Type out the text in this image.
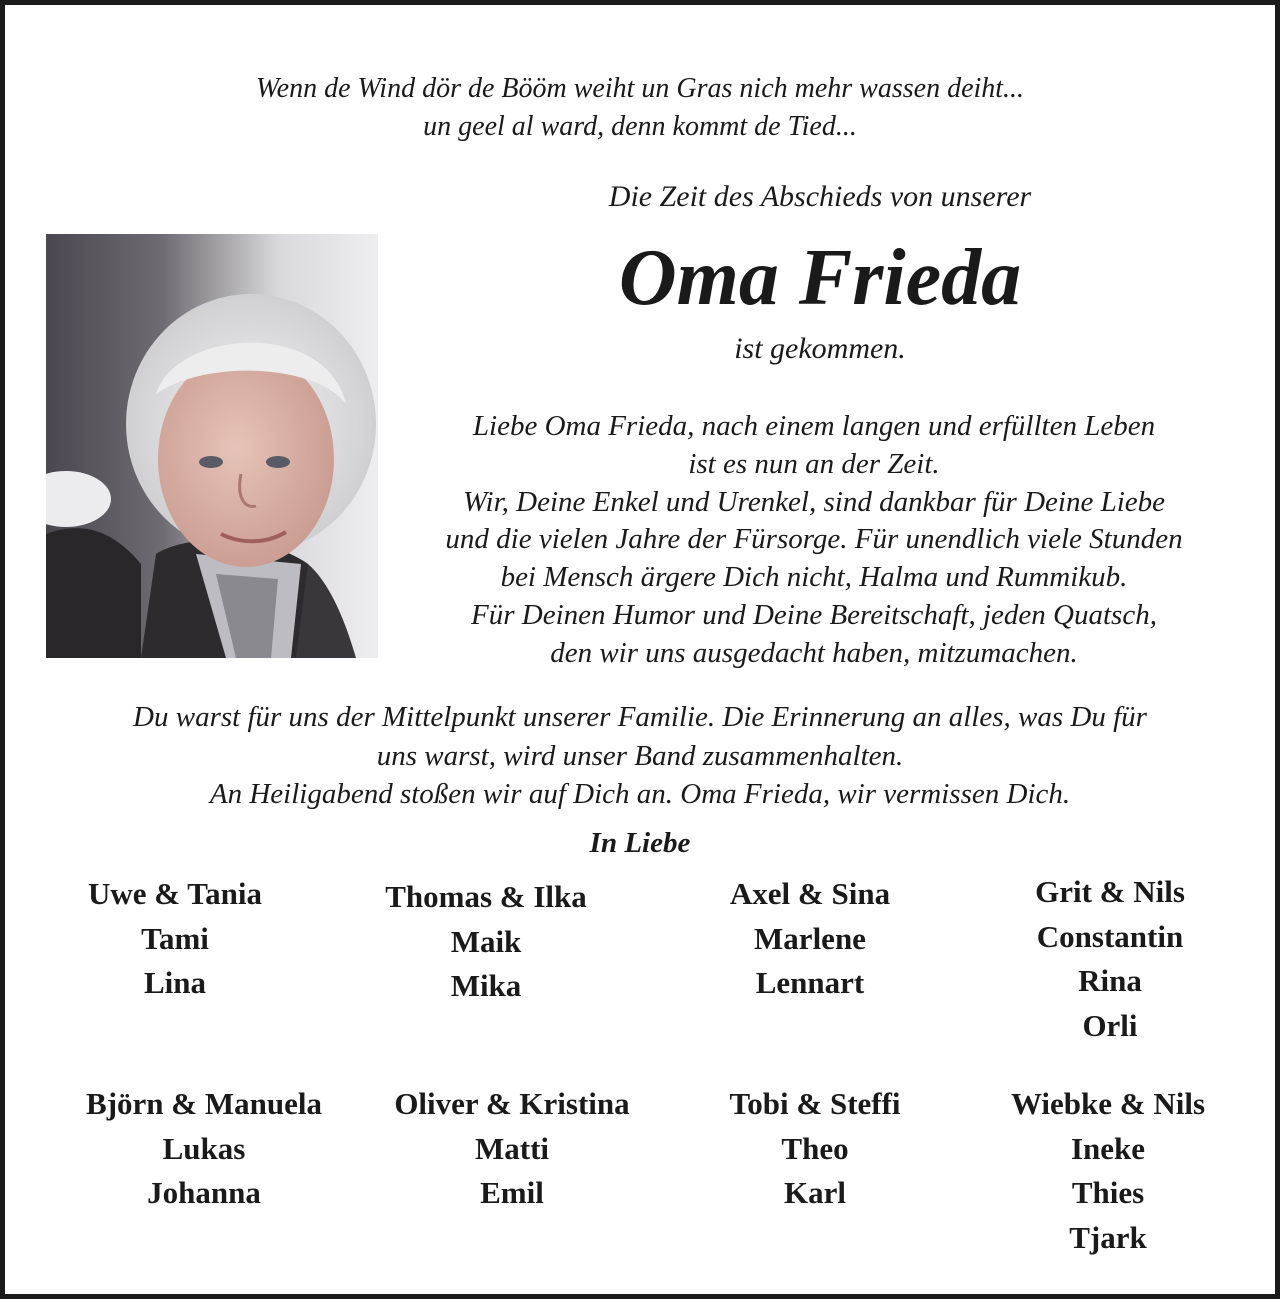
Wenn de Wind dör de Bööm weiht un Gras nich mehr wassen deiht...
un geel al ward, denn kommt de Tied...
Die Zeit des Abschieds von unserer
Oma Frieda
ist gekommen.
Liebe Oma Frieda, nach einem langen und erfüllten Leben
ist es nun an der Zeit.
Wir, Deine Enkel und Urenkel, sind dankbar für Deine Liebe
und die vielen Jahre der Fürsorge. Für unendlich viele Stunden
bei Mensch ärgere Dich nicht, Halma und Rummikub.
Für Deinen Humor und Deine Bereitschaft, jeden Quatsch,
den wir uns ausgedacht haben, mitzumachen.
Du warst für uns der Mittelpunkt unserer Familie. Die Erinnerung an alles, was Du für
uns warst, wird unser Band zusammenhalten.
An Heiligabend stoßen wir auf Dich an. Oma Frieda, wir vermissen Dich.
In Liebe
Uwe & Tania
Tami
Lina
Thomas & Ilka
Maik
Mika
Axel & Sina
Marlene
Lennart
Grit & Nils
Constantin
Rina
Orli
Björn & Manuela
Lukas
Johanna
Oliver & Kristina
Matti
Emil
Tobi & Steffi
Theo
Karl
Wiebke & Nils
Ineke
Thies
Tjark
